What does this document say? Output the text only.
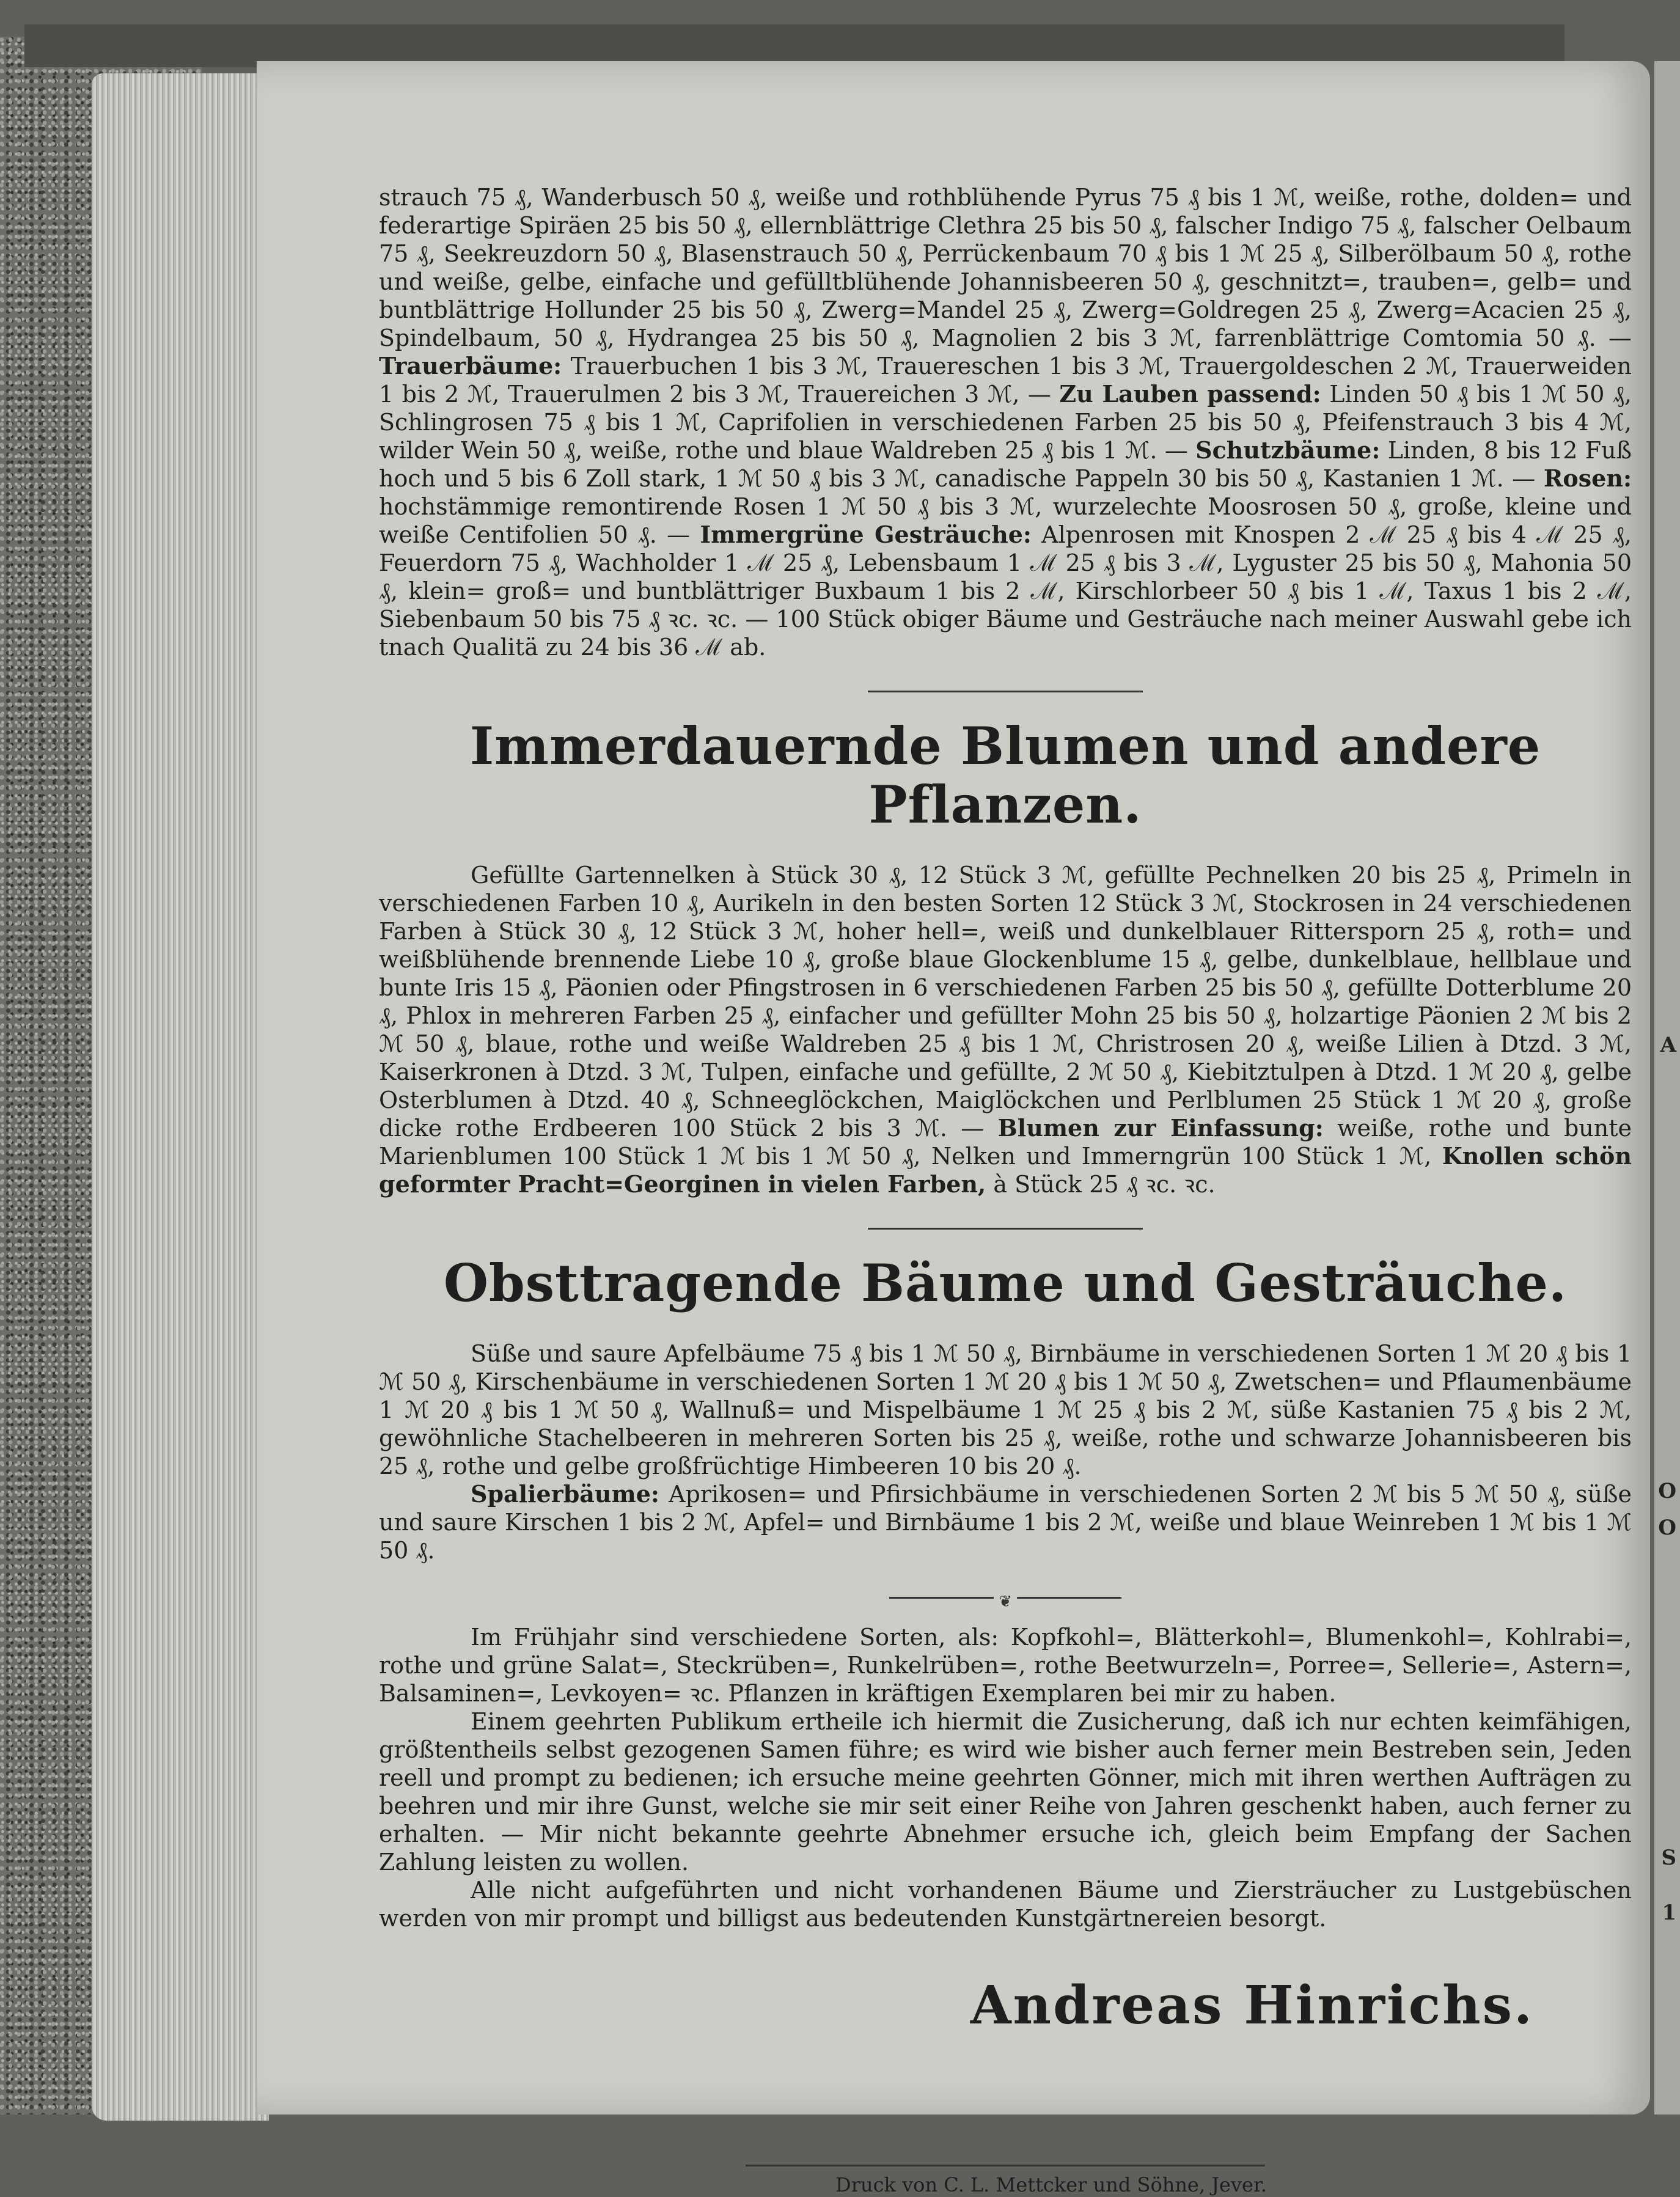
A
O
O
S
1

strauch 75 ₰, Wanderbusch 50 ₰, weiße und rothblühende Pyrus 75 ₰ bis 1 ℳ, weiße, rothe, dolden= und federartige Spiräen 25 bis 50 ₰, ellernblättrige Clethra 25 bis 50 ₰, falscher Indigo 75 ₰, falscher Oelbaum 75 ₰, Seekreuzdorn 50 ₰, Blasenstrauch 50 ₰, Perrückenbaum 70 ₰ bis 1 ℳ 25 ₰, Silberölbaum 50 ₰, rothe und weiße, gelbe, einfache und gefülltblühende Johannisbeeren 50 ₰, geschnitzt=, trauben=, gelb= und buntblättrige Hollunder 25 bis 50 ₰, Zwerg=Mandel 25 ₰, Zwerg=Goldregen 25 ₰, Zwerg=Acacien 25 ₰, Spindelbaum, 50 ₰, Hydrangea 25 bis 50 ₰, Magnolien 2 bis 3 ℳ, farrenblättrige Comtomia 50 ₰. — Trauerbäume: Trauerbuchen 1 bis 3 ℳ, Trauereschen 1 bis 3 ℳ, Trauergoldeschen 2 ℳ, Trauerweiden 1 bis 2 ℳ, Trauerulmen 2 bis 3 ℳ, Trauereichen 3 ℳ, — Zu Lauben passend: Linden 50 ₰ bis 1 ℳ 50 ₰, Schlingrosen 75 ₰ bis 1 ℳ, Caprifolien in verschiedenen Farben 25 bis 50 ₰, Pfeifenstrauch 3 bis 4 ℳ, wilder Wein 50 ₰, weiße, rothe und blaue Waldreben 25 ₰ bis 1 ℳ. — Schutzbäume: Linden, 8 bis 12 Fuß hoch und 5 bis 6 Zoll stark, 1 ℳ 50 ₰ bis 3 ℳ, canadische Pappeln 30 bis 50 ₰, Kastanien 1 ℳ. — Rosen: hochstämmige remontirende Rosen 1 ℳ 50 ₰ bis 3 ℳ, wurzelechte Moosrosen 50 ₰, große, kleine und weiße Centifolien 50 ₰. — Immergrüne Gesträuche: Alpenrosen mit Knospen 2 ℳ 25 ₰ bis 4 ℳ 25 ₰, Feuerdorn 75 ₰, Wachholder 1 ℳ 25 ₰, Lebensbaum 1 ℳ 25 ₰ bis 3 ℳ, Lyguster 25 bis 50 ₰, Mahonia 50 ₰, klein= groß= und buntblättriger Buxbaum 1 bis 2 ℳ, Kirschlorbeer 50 ₰ bis 1 ℳ, Taxus 1 bis 2 ℳ, Siebenbaum 50 bis 75 ₰ ꝛc. ꝛc. — 100 Stück obiger Bäume und Gesträuche nach meiner Auswahl gebe ich tnach Qualitä zu 24 bis 36 ℳ ab.

Immerdauernde Blumen und andere Pflanzen.

Gefüllte Gartennelken à Stück 30 ₰, 12 Stück 3 ℳ, gefüllte Pechnelken 20 bis 25 ₰, Primeln in verschiedenen Farben 10 ₰, Aurikeln in den besten Sorten 12 Stück 3 ℳ, Stockrosen in 24 verschiedenen Farben à Stück 30 ₰, 12 Stück 3 ℳ, hoher hell=, weiß und dunkelblauer Rittersporn 25 ₰, roth= und weißblühende brennende Liebe 10 ₰, große blaue Glockenblume 15 ₰, gelbe, dunkelblaue, hellblaue und bunte Iris 15 ₰, Päonien oder Pfingstrosen in 6 verschiedenen Farben 25 bis 50 ₰, gefüllte Dotterblume 20 ₰, Phlox in mehreren Farben 25 ₰, einfacher und gefüllter Mohn 25 bis 50 ₰, holzartige Päonien 2 ℳ bis 2 ℳ 50 ₰, blaue, rothe und weiße Waldreben 25 ₰ bis 1 ℳ, Christrosen 20 ₰, weiße Lilien à Dtzd. 3 ℳ, Kaiserkronen à Dtzd. 3 ℳ, Tulpen, einfache und gefüllte, 2 ℳ 50 ₰, Kiebitztulpen à Dtzd. 1 ℳ 20 ₰, gelbe Osterblumen à Dtzd. 40 ₰, Schneeglöckchen, Maiglöckchen und Perlblumen 25 Stück 1 ℳ 20 ₰, große dicke rothe Erdbeeren 100 Stück 2 bis 3 ℳ. — Blumen zur Einfassung: weiße, rothe und bunte Marienblumen 100 Stück 1 ℳ bis 1 ℳ 50 ₰, Nelken und Immerngrün 100 Stück 1 ℳ, Knollen schön geformter Pracht=Georginen in vielen Farben, à Stück 25 ₰ ꝛc. ꝛc.

Obsttragende Bäume und Gesträuche.

Süße und saure Apfelbäume 75 ₰ bis 1 ℳ 50 ₰, Birnbäume in verschiedenen Sorten 1 ℳ 20 ₰ bis 1 ℳ 50 ₰, Kirschenbäume in verschiedenen Sorten 1 ℳ 20 ₰ bis 1 ℳ 50 ₰, Zwetschen= und Pflaumenbäume 1 ℳ 20 ₰ bis 1 ℳ 50 ₰, Wallnuß= und Mispelbäume 1 ℳ 25 ₰ bis 2 ℳ, süße Kastanien 75 ₰ bis 2 ℳ, gewöhnliche Stachelbeeren in mehreren Sorten bis 25 ₰, weiße, rothe und schwarze Johannisbeeren bis 25 ₰, rothe und gelbe großfrüchtige Himbeeren 10 bis 20 ₰.

Spalierbäume: Aprikosen= und Pfirsichbäume in verschiedenen Sorten 2 ℳ bis 5 ℳ 50 ₰, süße und saure Kirschen 1 bis 2 ℳ, Apfel= und Birnbäume 1 bis 2 ℳ, weiße und blaue Weinreben 1 ℳ bis 1 ℳ 50 ₰.

❦

Im Frühjahr sind verschiedene Sorten, als: Kopfkohl=, Blätterkohl=, Blumenkohl=, Kohlrabi=, rothe und grüne Salat=, Steckrüben=, Runkelrüben=, rothe Beetwurzeln=, Porree=, Sellerie=, Astern=, Balsaminen=, Levkoyen= ꝛc. Pflanzen in kräftigen Exemplaren bei mir zu haben.

Einem geehrten Publikum ertheile ich hiermit die Zusicherung, daß ich nur echten keimfähigen, größtentheils selbst gezogenen Samen führe; es wird wie bisher auch ferner mein Bestreben sein, Jeden reell und prompt zu bedienen; ich ersuche meine geehrten Gönner, mich mit ihren werthen Aufträgen zu beehren und mir ihre Gunst, welche sie mir seit einer Reihe von Jahren geschenkt haben, auch ferner zu erhalten. — Mir nicht bekannte geehrte Abnehmer ersuche ich, gleich beim Empfang der Sachen Zahlung leisten zu wollen.

Alle nicht aufgeführten und nicht vorhandenen Bäume und Ziersträucher zu Lustgebüschen werden von mir prompt und billigst aus bedeutenden Kunstgärtnereien besorgt.

Andreas Hinrichs.
Druck von C. L. Mettcker und Söhne, Jever.
